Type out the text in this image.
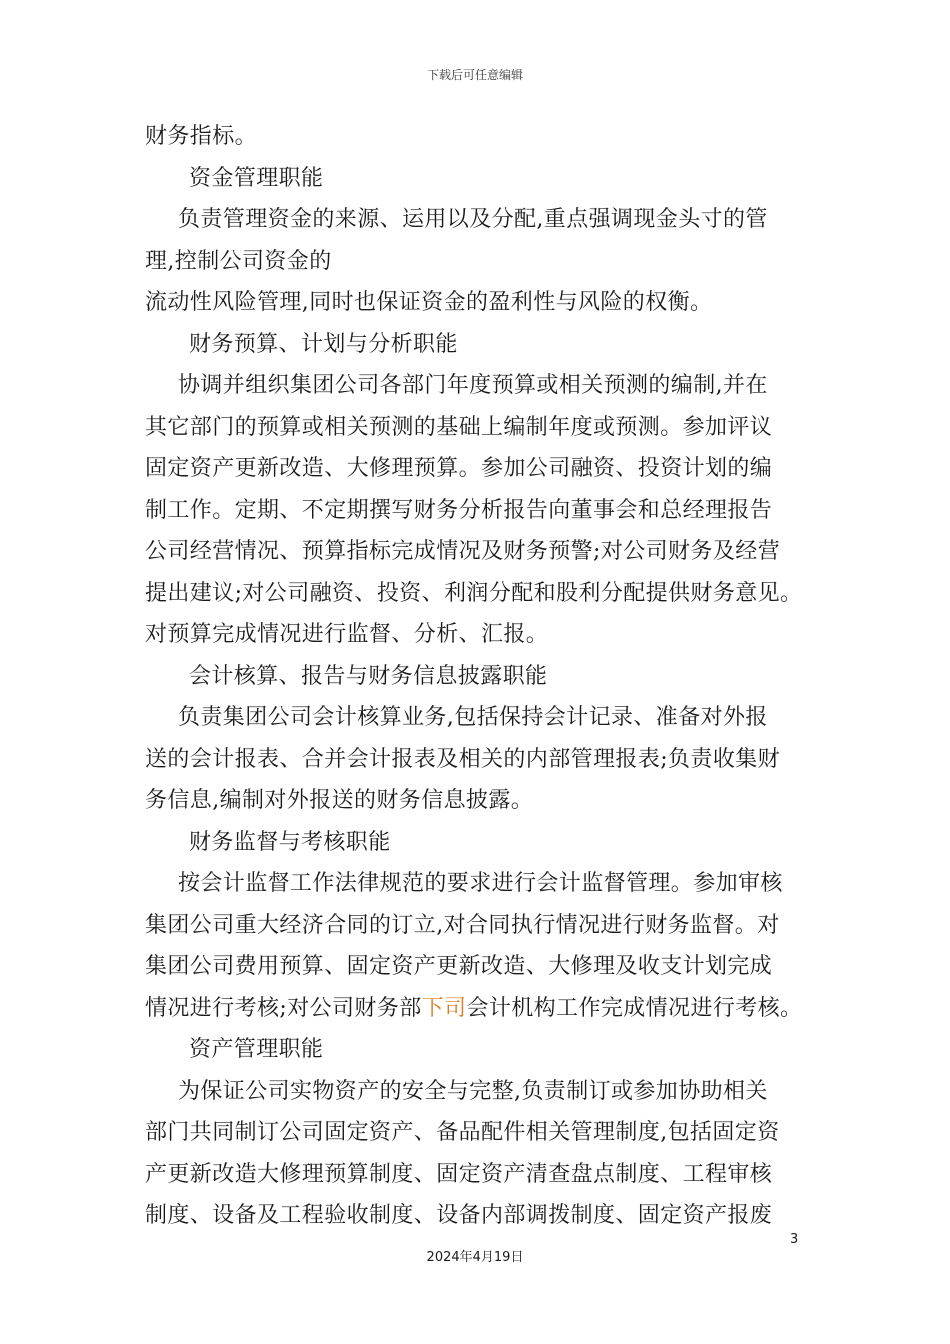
下载后可任意编辑
财务指标。
资金管理职能
负责管理资金的来源、运用以及分配,重点强调现金头寸的管
理,控制公司资金的
流动性风险管理,同时也保证资金的盈利性与风险的权衡。
财务预算、计划与分析职能
协调并组织集团公司各部门年度预算或相关预测的编制,并在
其它部门的预算或相关预测的基础上编制年度或预测。参加评议
固定资产更新改造、大修理预算。参加公司融资、投资计划的编
制工作。定期、不定期撰写财务分析报告向董事会和总经理报告
公司经营情况、预算指标完成情况及财务预警;对公司财务及经营
提出建议;对公司融资、投资、利润分配和股利分配提供财务意见。
对预算完成情况进行监督、分析、汇报。
会计核算、报告与财务信息披露职能
负责集团公司会计核算业务,包括保持会计记录、准备对外报
送的会计报表、合并会计报表及相关的内部管理报表;负责收集财
务信息,编制对外报送的财务信息披露。
财务监督与考核职能
按会计监督工作法律规范的要求进行会计监督管理。参加审核
集团公司重大经济合同的订立,对合同执行情况进行财务监督。对
集团公司费用预算、固定资产更新改造、大修理及收支计划完成
情况进行考核;对公司财务部下司会计机构工作完成情况进行考核。
资产管理职能
为保证公司实物资产的安全与完整,负责制订或参加协助相关
部门共同制订公司固定资产、备品配件相关管理制度,包括固定资
产更新改造大修理预算制度、固定资产清查盘点制度、工程审核
制度、设备及工程验收制度、设备内部调拨制度、固定资产报废
3
2024年4月19日
